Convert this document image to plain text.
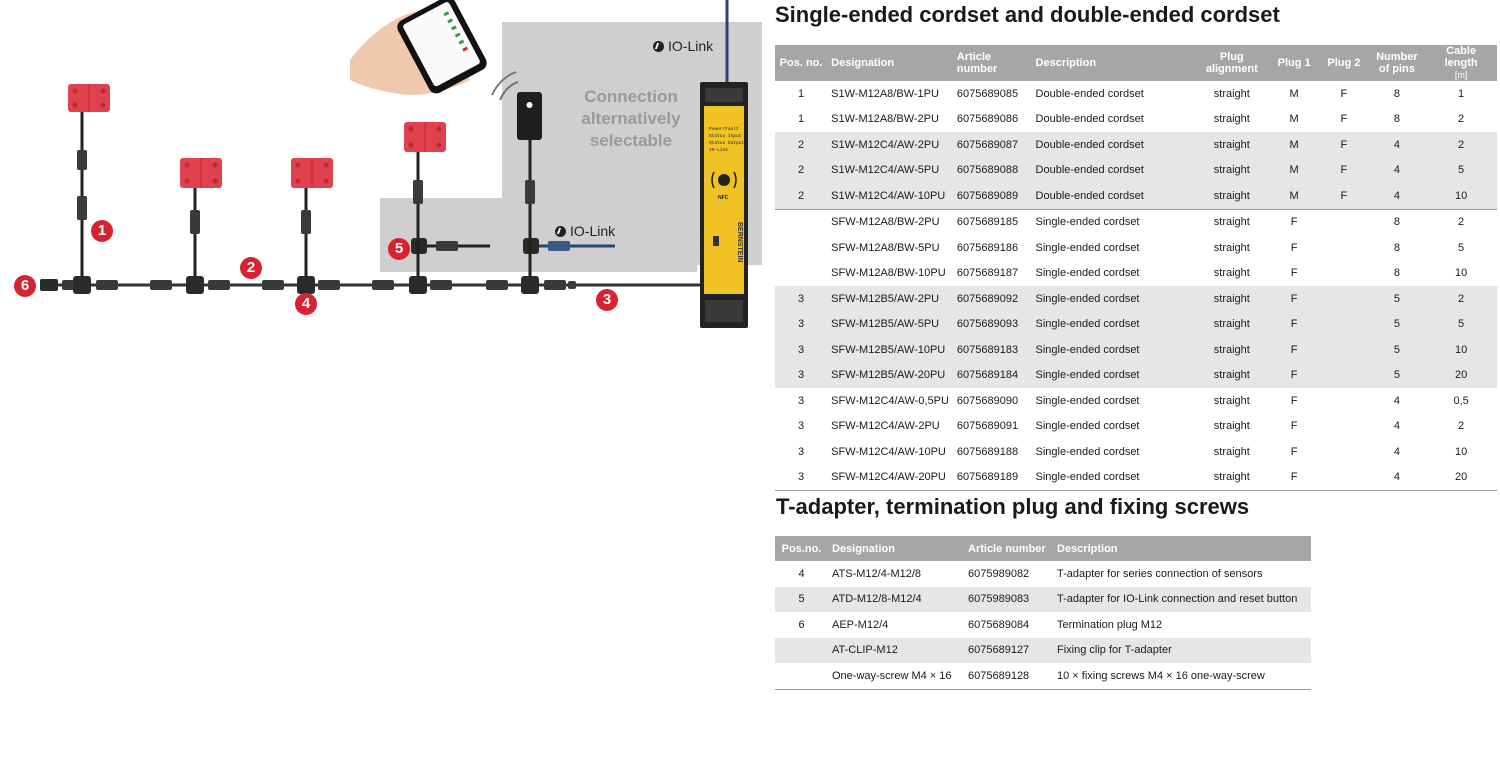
Power/Fault
Status Input
Status Output
IO-Link
NFC
BERNSTEIN
Connection alternatively selectable
IO-Link
IO-Link
1
2
3
4
5
6
Single-ended cordset and double-ended cordset
Pos. no.	Designation	Article number	Description	Plug alignment	Plug 1	Plug 2	Number of pins	Cable length
[m]
1	S1W-M12A8/BW-1PU	6075689085	Double-ended cordset	straight	M	F	8	1
1	S1W-M12A8/BW-2PU	6075689086	Double-ended cordset	straight	M	F	8	2
2	S1W-M12C4/AW-2PU	6075689087	Double-ended cordset	straight	M	F	4	2
2	S1W-M12C4/AW-5PU	6075689088	Double-ended cordset	straight	M	F	4	5
2	S1W-M12C4/AW-10PU	6075689089	Double-ended cordset	straight	M	F	4	10
	SFW-M12A8/BW-2PU	6075689185	Single-ended cordset	straight	F		8	2
	SFW-M12A8/BW-5PU	6075689186	Single-ended cordset	straight	F		8	5
	SFW-M12A8/BW-10PU	6075689187	Single-ended cordset	straight	F		8	10
3	SFW-M12B5/AW-2PU	6075689092	Single-ended cordset	straight	F		5	2
3	SFW-M12B5/AW-5PU	6075689093	Single-ended cordset	straight	F		5	5
3	SFW-M12B5/AW-10PU	6075689183	Single-ended cordset	straight	F		5	10
3	SFW-M12B5/AW-20PU	6075689184	Single-ended cordset	straight	F		5	20
3	SFW-M12C4/AW-0,5PU	6075689090	Single-ended cordset	straight	F		4	0,5
3	SFW-M12C4/AW-2PU	6075689091	Single-ended cordset	straight	F		4	2
3	SFW-M12C4/AW-10PU	6075689188	Single-ended cordset	straight	F		4	10
3	SFW-M12C4/AW-20PU	6075689189	Single-ended cordset	straight	F		4	20
T-adapter, termination plug and fixing screws
Pos.no.	Designation	Article number	Description
4	ATS-M12/4-M12/8	6075989082	T-adapter for series connection of sensors
5	ATD-M12/8-M12/4	6075989083	T-adapter for IO-Link connection and reset button
6	AEP-M12/4	6075689084	Termination plug M12
	AT-CLIP-M12	6075689127	Fixing clip for T-adapter
	One-way-screw M4 × 16	6075689128	10 × fixing screws M4 × 16 one-way-screw
